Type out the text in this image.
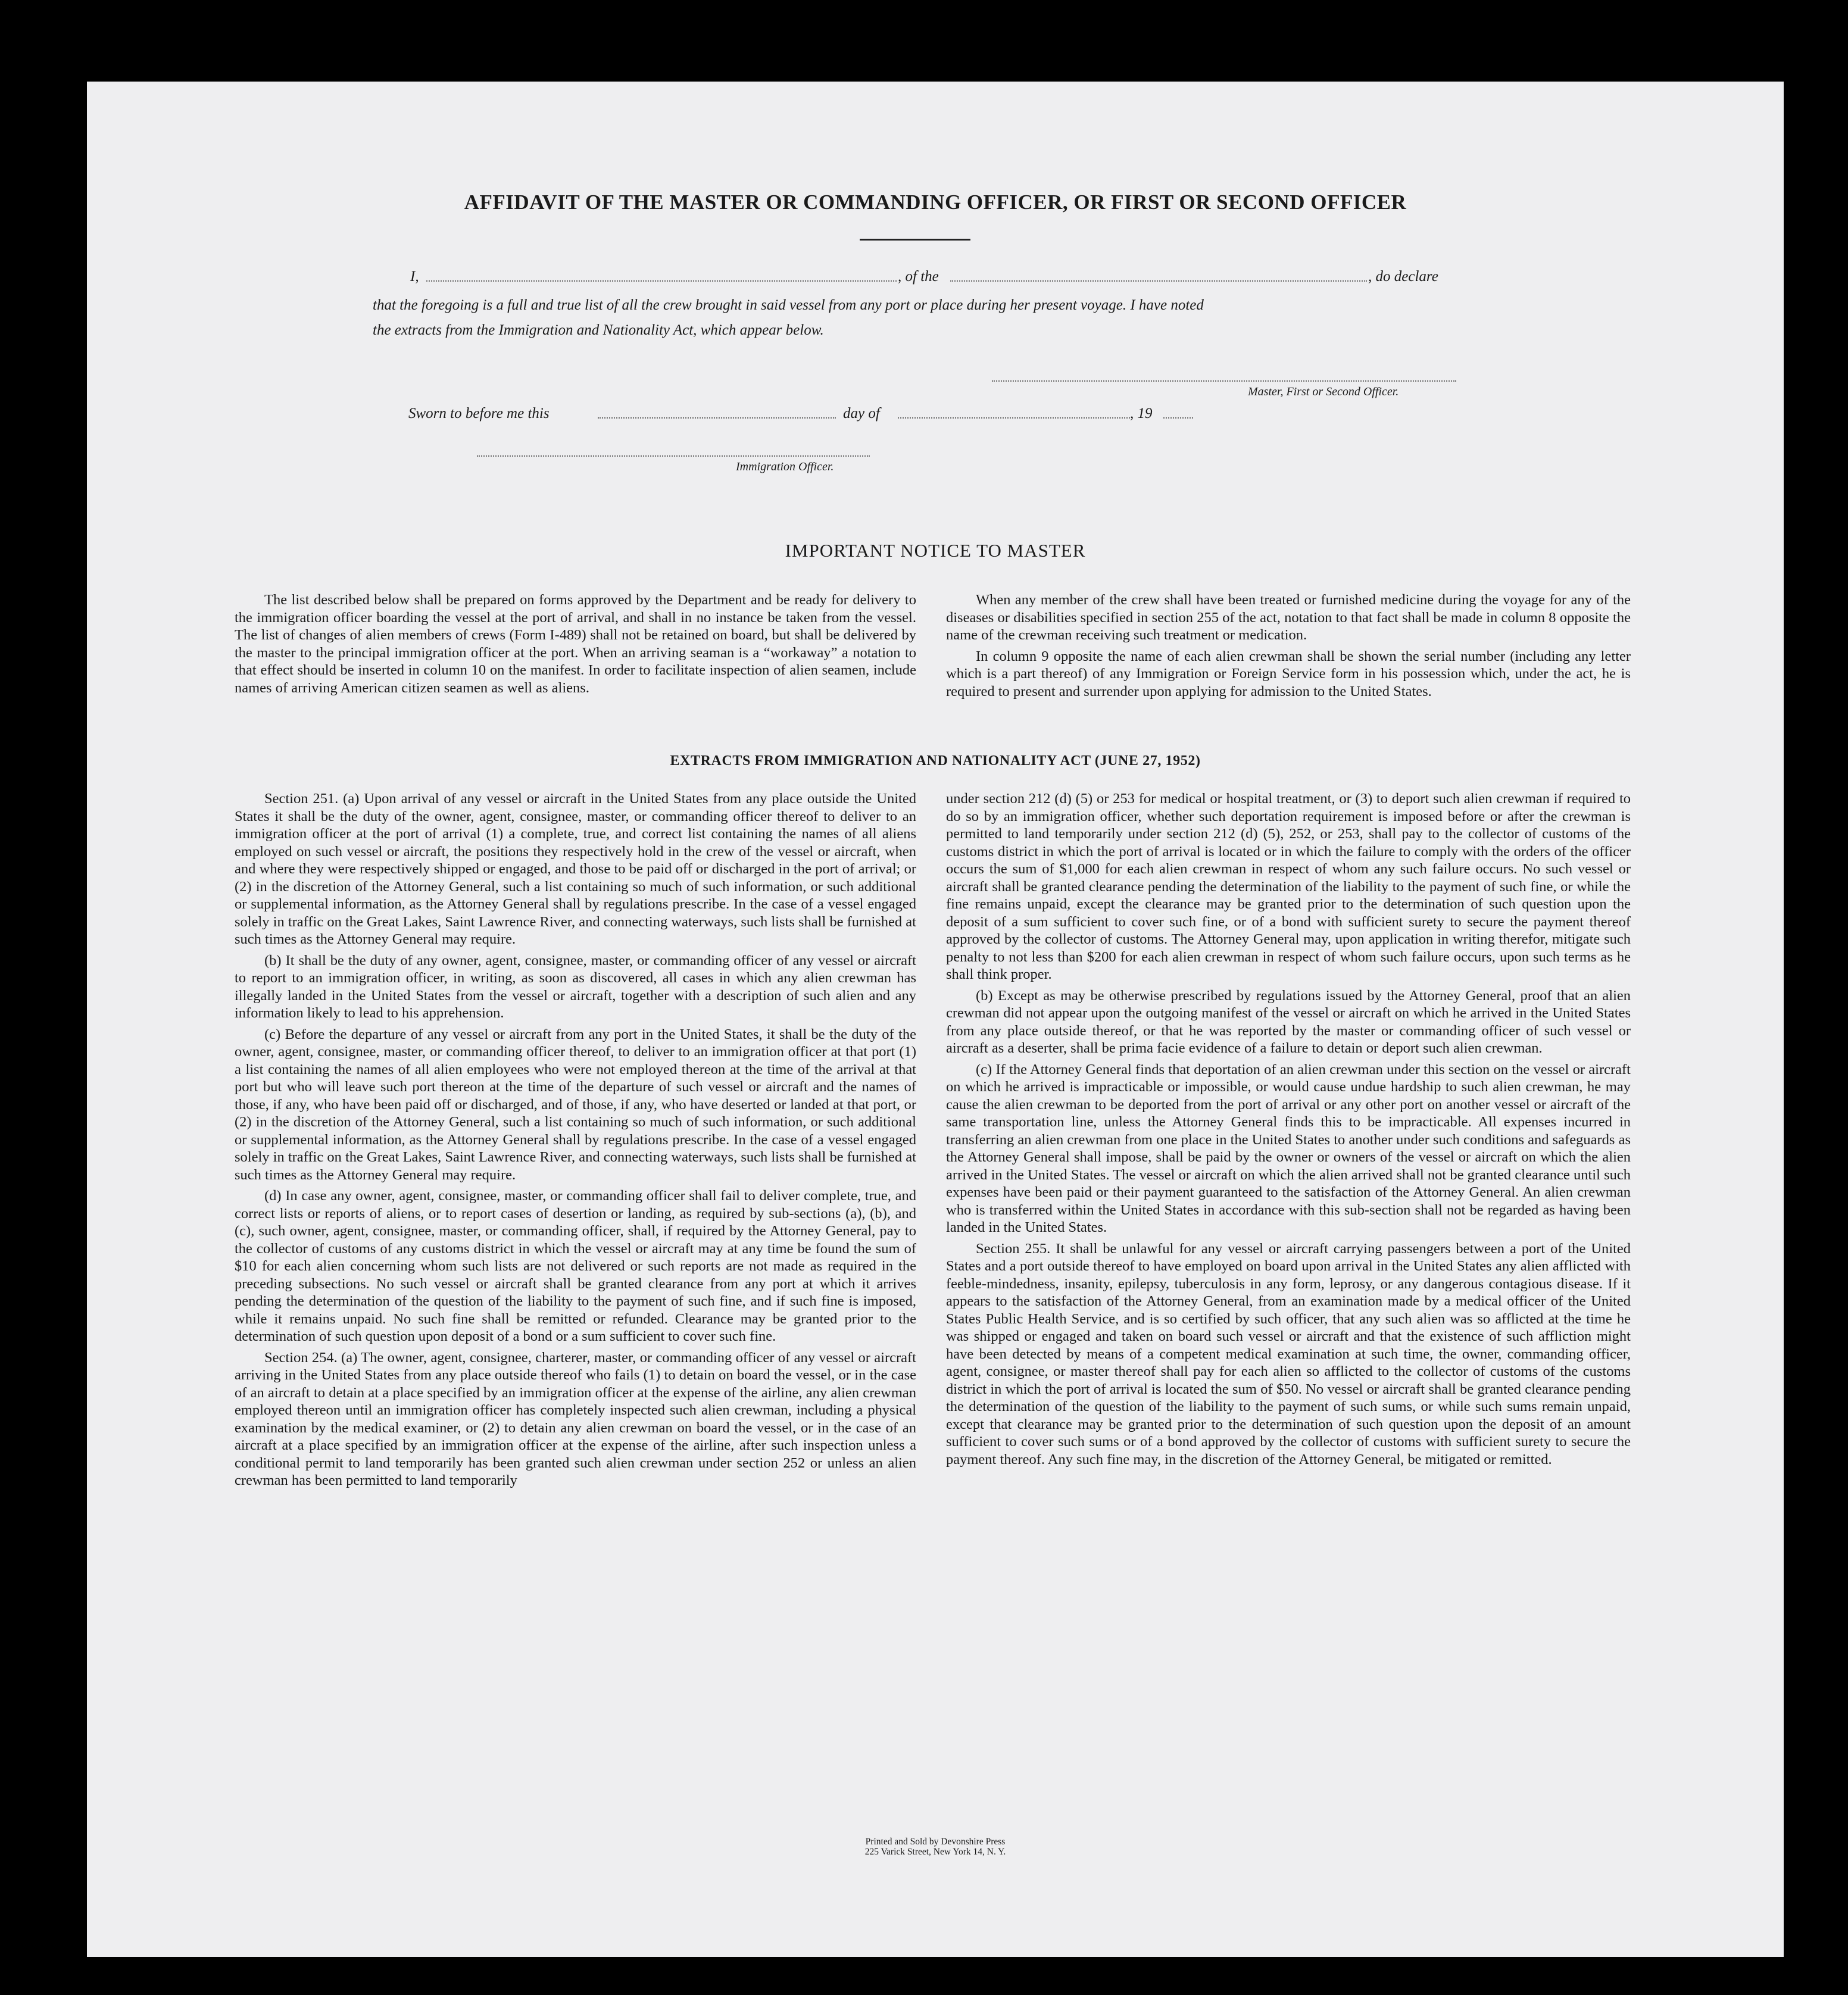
AFFIDAVIT OF THE MASTER OR COMMANDING OFFICER, OR FIRST OR SECOND OFFICER
I,	, of the	, do declare
that the foregoing is a full and true list of all the crew brought in said vessel from any port or place during her present voyage. I have noted
the extracts from the Immigration and Nationality Act, which appear below.
Master, First or Second Officer.
Sworn to before me this	day of	, 19
Immigration Officer.
IMPORTANT NOTICE TO MASTER

The list described below shall be prepared on forms approved by the Department and be ready for delivery to the immigration officer boarding the vessel at the port of arrival, and shall in no instance be taken from the vessel. The list of changes of alien members of crews (Form I-489) shall not be retained on board, but shall be delivered by the master to the principal immigration officer at the port. When an arriving seaman is a “workaway” a notation to that effect should be inserted in column 10 on the manifest. In order to facilitate inspection of alien seamen, include names of arriving American citizen seamen as well as aliens.

When any member of the crew shall have been treated or furnished medicine during the voyage for any of the diseases or disabilities specified in section 255 of the act, notation to that fact shall be made in column 8 opposite the name of the crewman receiving such treatment or medication.

In column 9 opposite the name of each alien crewman shall be shown the serial number (including any letter which is a part thereof) of any Immigration or Foreign Service form in his possession which, under the act, he is required to present and surrender upon applying for admission to the United States.

EXTRACTS FROM IMMIGRATION AND NATIONALITY ACT (JUNE 27, 1952)

Section 251. (a) Upon arrival of any vessel or aircraft in the United States from any place outside the United States it shall be the duty of the owner, agent, consignee, master, or commanding officer thereof to deliver to an immigration officer at the port of arrival (1) a complete, true, and correct list containing the names of all aliens employed on such vessel or aircraft, the positions they respectively hold in the crew of the vessel or aircraft, when and where they were respectively shipped or engaged, and those to be paid off or discharged in the port of arrival; or (2) in the discretion of the Attorney General, such a list containing so much of such information, or such additional or supplemental information, as the Attorney General shall by regulations prescribe. In the case of a vessel engaged solely in traffic on the Great Lakes, Saint Lawrence River, and connecting waterways, such lists shall be furnished at such times as the Attorney General may require.

(b) It shall be the duty of any owner, agent, consignee, master, or commanding officer of any vessel or aircraft to report to an immigration officer, in writing, as soon as discovered, all cases in which any alien crewman has illegally landed in the United States from the vessel or aircraft, together with a description of such alien and any information likely to lead to his apprehension.

(c) Before the departure of any vessel or aircraft from any port in the United States, it shall be the duty of the owner, agent, consignee, master, or commanding officer thereof, to deliver to an immigration officer at that port (1) a list containing the names of all alien employees who were not employed thereon at the time of the arrival at that port but who will leave such port thereon at the time of the departure of such vessel or aircraft and the names of those, if any, who have been paid off or discharged, and of those, if any, who have deserted or landed at that port, or (2) in the discretion of the Attorney General, such a list containing so much of such information, or such additional or supplemental information, as the Attorney General shall by regulations prescribe. In the case of a vessel engaged solely in traffic on the Great Lakes, Saint Lawrence River, and connecting waterways, such lists shall be furnished at such times as the Attorney General may require.

(d) In case any owner, agent, consignee, master, or commanding officer shall fail to deliver complete, true, and correct lists or reports of aliens, or to report cases of desertion or landing, as required by sub-sections (a), (b), and (c), such owner, agent, consignee, master, or commanding officer, shall, if required by the Attorney General, pay to the collector of customs of any customs district in which the vessel or aircraft may at any time be found the sum of $10 for each alien concerning whom such lists are not delivered or such reports are not made as required in the preceding subsections. No such vessel or aircraft shall be granted clearance from any port at which it arrives pending the determination of the question of the liability to the payment of such fine, and if such fine is imposed, while it remains unpaid. No such fine shall be remitted or refunded. Clearance may be granted prior to the determination of such question upon deposit of a bond or a sum sufficient to cover such fine.

Section 254. (a) The owner, agent, consignee, charterer, master, or commanding officer of any vessel or aircraft arriving in the United States from any place outside thereof who fails (1) to detain on board the vessel, or in the case of an aircraft to detain at a place specified by an immigration officer at the expense of the airline, any alien crewman employed thereon until an immigration officer has completely inspected such alien crewman, including a physical examination by the medical examiner, or (2) to detain any alien crewman on board the vessel, or in the case of an aircraft at a place specified by an immigration officer at the expense of the airline, after such inspection unless a conditional permit to land temporarily has been granted such alien crewman under section 252 or unless an alien crewman has been permitted to land temporarily

under section 212 (d) (5) or 253 for medical or hospital treatment, or (3) to deport such alien crewman if required to do so by an immigration officer, whether such deportation requirement is imposed before or after the crewman is permitted to land temporarily under section 212 (d) (5), 252, or 253, shall pay to the collector of customs of the customs district in which the port of arrival is located or in which the failure to comply with the orders of the officer occurs the sum of $1,000 for each alien crewman in respect of whom any such failure occurs. No such vessel or aircraft shall be granted clearance pending the determination of the liability to the payment of such fine, or while the fine remains unpaid, except the clearance may be granted prior to the determination of such question upon the deposit of a sum sufficient to cover such fine, or of a bond with sufficient surety to secure the payment thereof approved by the collector of customs. The Attorney General may, upon application in writing therefor, mitigate such penalty to not less than $200 for each alien crewman in respect of whom such failure occurs, upon such terms as he shall think proper.

(b) Except as may be otherwise prescribed by regulations issued by the Attorney General, proof that an alien crewman did not appear upon the outgoing manifest of the vessel or aircraft on which he arrived in the United States from any place outside thereof, or that he was reported by the master or commanding officer of such vessel or aircraft as a deserter, shall be prima facie evidence of a failure to detain or deport such alien crewman.

(c) If the Attorney General finds that deportation of an alien crewman under this section on the vessel or aircraft on which he arrived is impracticable or impossible, or would cause undue hardship to such alien crewman, he may cause the alien crewman to be deported from the port of arrival or any other port on another vessel or aircraft of the same transportation line, unless the Attorney General finds this to be impracticable. All expenses incurred in transferring an alien crewman from one place in the United States to another under such conditions and safeguards as the Attorney General shall impose, shall be paid by the owner or owners of the vessel or aircraft on which the alien arrived in the United States. The vessel or aircraft on which the alien arrived shall not be granted clearance until such expenses have been paid or their payment guaranteed to the satisfaction of the Attorney General. An alien crewman who is transferred within the United States in accordance with this sub-section shall not be regarded as having been landed in the United States.

Section 255. It shall be unlawful for any vessel or aircraft carrying passengers between a port of the United States and a port outside thereof to have employed on board upon arrival in the United States any alien afflicted with feeble-mindedness, insanity, epilepsy, tuberculosis in any form, leprosy, or any dangerous contagious disease. If it appears to the satisfaction of the Attorney General, from an examination made by a medical officer of the United States Public Health Service, and is so certified by such officer, that any such alien was so afflicted at the time he was shipped or engaged and taken on board such vessel or aircraft and that the existence of such affliction might have been detected by means of a competent medical examination at such time, the owner, commanding officer, agent, consignee, or master thereof shall pay for each alien so afflicted to the collector of customs of the customs district in which the port of arrival is located the sum of $50. No vessel or aircraft shall be granted clearance pending the determination of the question of the liability to the payment of such sums, or while such sums remain unpaid, except that clearance may be granted prior to the determination of such question upon the deposit of an amount sufficient to cover such sums or of a bond approved by the collector of customs with sufficient surety to secure the payment thereof. Any such fine may, in the discretion of the Attorney General, be mitigated or remitted.

Printed and Sold by Devonshire Press
225 Varick Street, New York 14, N. Y.
